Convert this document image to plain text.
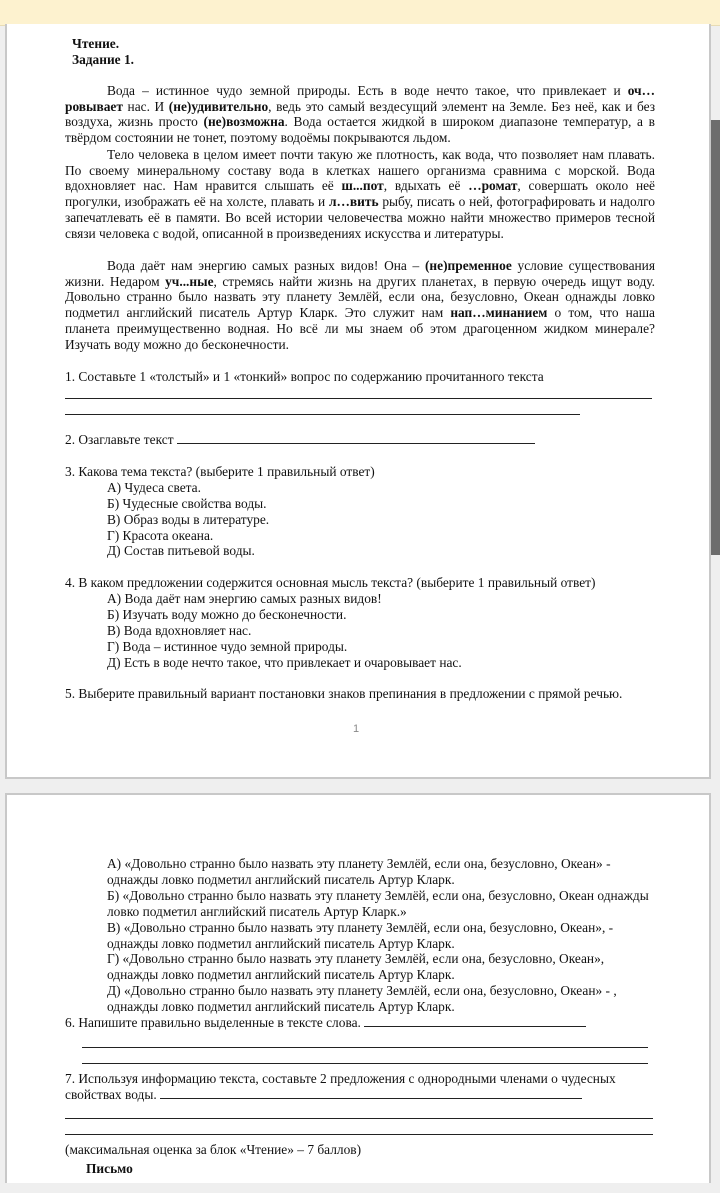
Чтение.
Задание 1.
Вода – истинное чудо земной природы. Есть в воде нечто такое, что привлекает и оч…ровывает нас. И (не)удивительно, ведь это самый вездесущий элемент на Земле. Без неё, как и без воздуха, жизнь просто (не)возможна. Вода остается жидкой в широком диапазоне температур, а в твёрдом состоянии не тонет, поэтому водоёмы покрываются льдом.
Тело человека в целом имеет почти такую же плотность, как вода, что позволяет нам плавать. По своему минеральному составу вода в клетках нашего организма сравнима с морской. Вода вдохновляет нас. Нам нравится слышать её ш...пот, вдыхать её …ромат, совершать около неё прогулки, изображать её на холсте, плавать и л…вить рыбу, писать о ней, фотографировать и надолго запечатлевать её в памяти. Во всей истории человечества можно найти множество примеров тесной связи человека с водой, описанной в произведениях искусства и литературы.
Вода даёт нам энергию самых разных видов! Она – (не)пременное условие существования жизни. Недаром уч...ные, стремясь найти жизнь на других планетах, в первую очередь ищут воду. Довольно странно было назвать эту планету Землёй, если она, безусловно, Океан однажды ловко подметил английский писатель Артур Кларк. Это служит нам нап…минанием о том, что наша планета преимущественно водная. Но всё ли мы знаем об этом драгоценном жидком минерале? Изучать воду можно до бесконечности.
1. Составьте 1 «толстый» и 1 «тонкий» вопрос по содержанию прочитанного текста
2. Озаглавьте текст
3. Какова тема текста? (выберите 1 правильный ответ)
А) Чудеса света.
Б) Чудесные свойства воды.
В) Образ воды в литературе.
Г) Красота океана.
Д) Состав питьевой воды.
4. В каком предложении содержится основная мысль текста? (выберите 1 правильный ответ)
А) Вода даёт нам энергию самых разных видов!
Б) Изучать воду можно до бесконечности.
В) Вода вдохновляет нас.
Г) Вода – истинное чудо земной природы.
Д) Есть в воде нечто такое, что привлекает и очаровывает нас.
5. Выберите правильный вариант постановки знаков препинания в предложении с прямой речью.
1
А) «Довольно странно было назвать эту планету Землёй, если она, безусловно, Океан» - однажды ловко подметил английский писатель Артур Кларк.
Б) «Довольно странно было назвать эту планету Землёй, если она, безусловно, Океан однажды ловко подметил английский писатель Артур Кларк.»
В) «Довольно странно было назвать эту планету Землёй, если она, безусловно, Океан», - однажды ловко подметил английский писатель Артур Кларк.
Г) «Довольно странно было назвать эту планету Землёй, если она, безусловно, Океан», однажды ловко подметил английский писатель Артур Кларк.
Д) «Довольно странно было назвать эту планету Землёй, если она, безусловно, Океан» - , однажды ловко подметил английский писатель Артур Кларк.
6. Напишите правильно выделенные в тексте слова.
7. Используя информацию текста, составьте 2 предложения с однородными членами о чудесных свойствах воды.
(максимальная оценка за блок «Чтение» – 7 баллов)
Письмо
